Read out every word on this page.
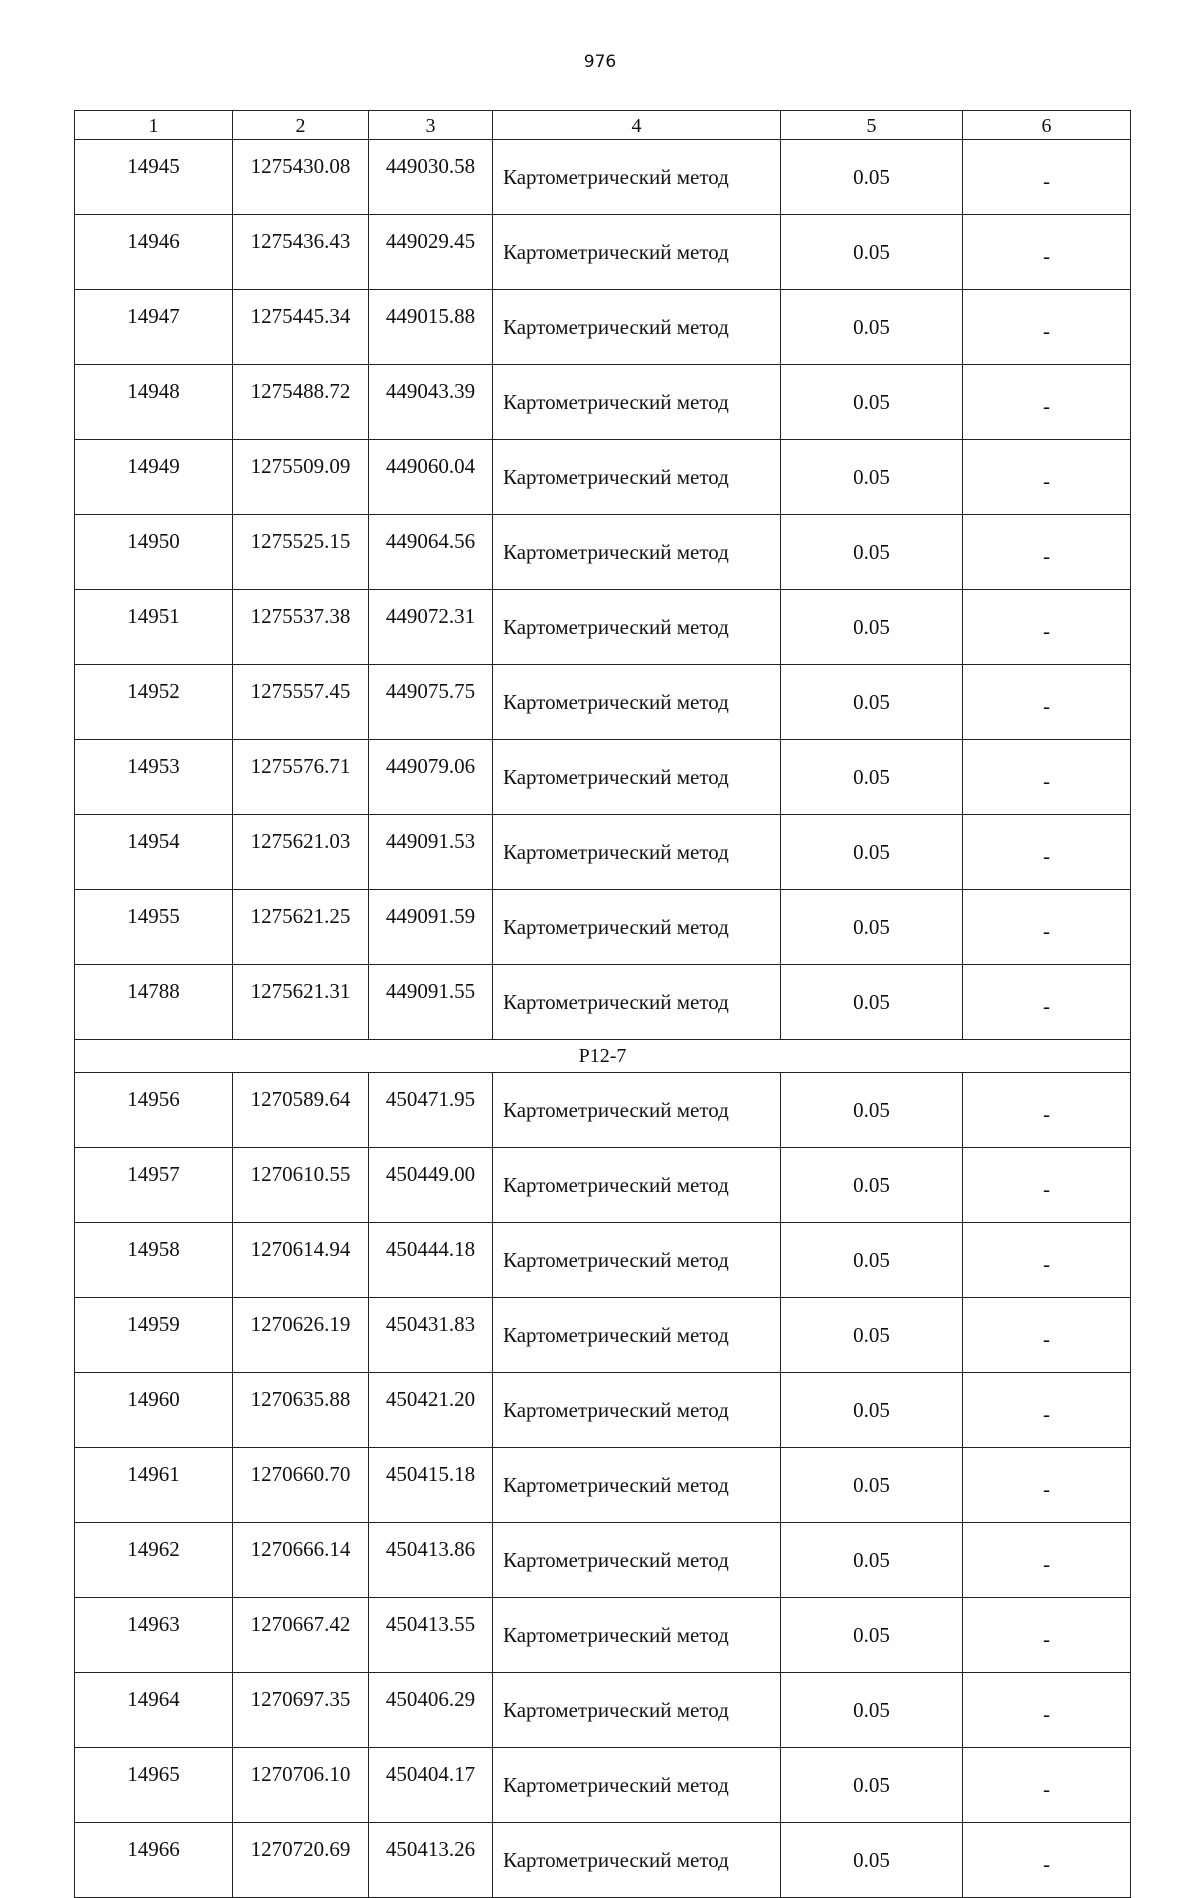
976
1	2	3	4	5	6
14945	1275430.08	449030.58	Картометрический метод	0.05	-
14946	1275436.43	449029.45	Картометрический метод	0.05	-
14947	1275445.34	449015.88	Картометрический метод	0.05	-
14948	1275488.72	449043.39	Картометрический метод	0.05	-
14949	1275509.09	449060.04	Картометрический метод	0.05	-
14950	1275525.15	449064.56	Картометрический метод	0.05	-
14951	1275537.38	449072.31	Картометрический метод	0.05	-
14952	1275557.45	449075.75	Картометрический метод	0.05	-
14953	1275576.71	449079.06	Картометрический метод	0.05	-
14954	1275621.03	449091.53	Картометрический метод	0.05	-
14955	1275621.25	449091.59	Картометрический метод	0.05	-
14788	1275621.31	449091.55	Картометрический метод	0.05	-
P12-7					
14956	1270589.64	450471.95	Картометрический метод	0.05	-
14957	1270610.55	450449.00	Картометрический метод	0.05	-
14958	1270614.94	450444.18	Картометрический метод	0.05	-
14959	1270626.19	450431.83	Картометрический метод	0.05	-
14960	1270635.88	450421.20	Картометрический метод	0.05	-
14961	1270660.70	450415.18	Картометрический метод	0.05	-
14962	1270666.14	450413.86	Картометрический метод	0.05	-
14963	1270667.42	450413.55	Картометрический метод	0.05	-
14964	1270697.35	450406.29	Картометрический метод	0.05	-
14965	1270706.10	450404.17	Картометрический метод	0.05	-
14966	1270720.69	450413.26	Картометрический метод	0.05	-
